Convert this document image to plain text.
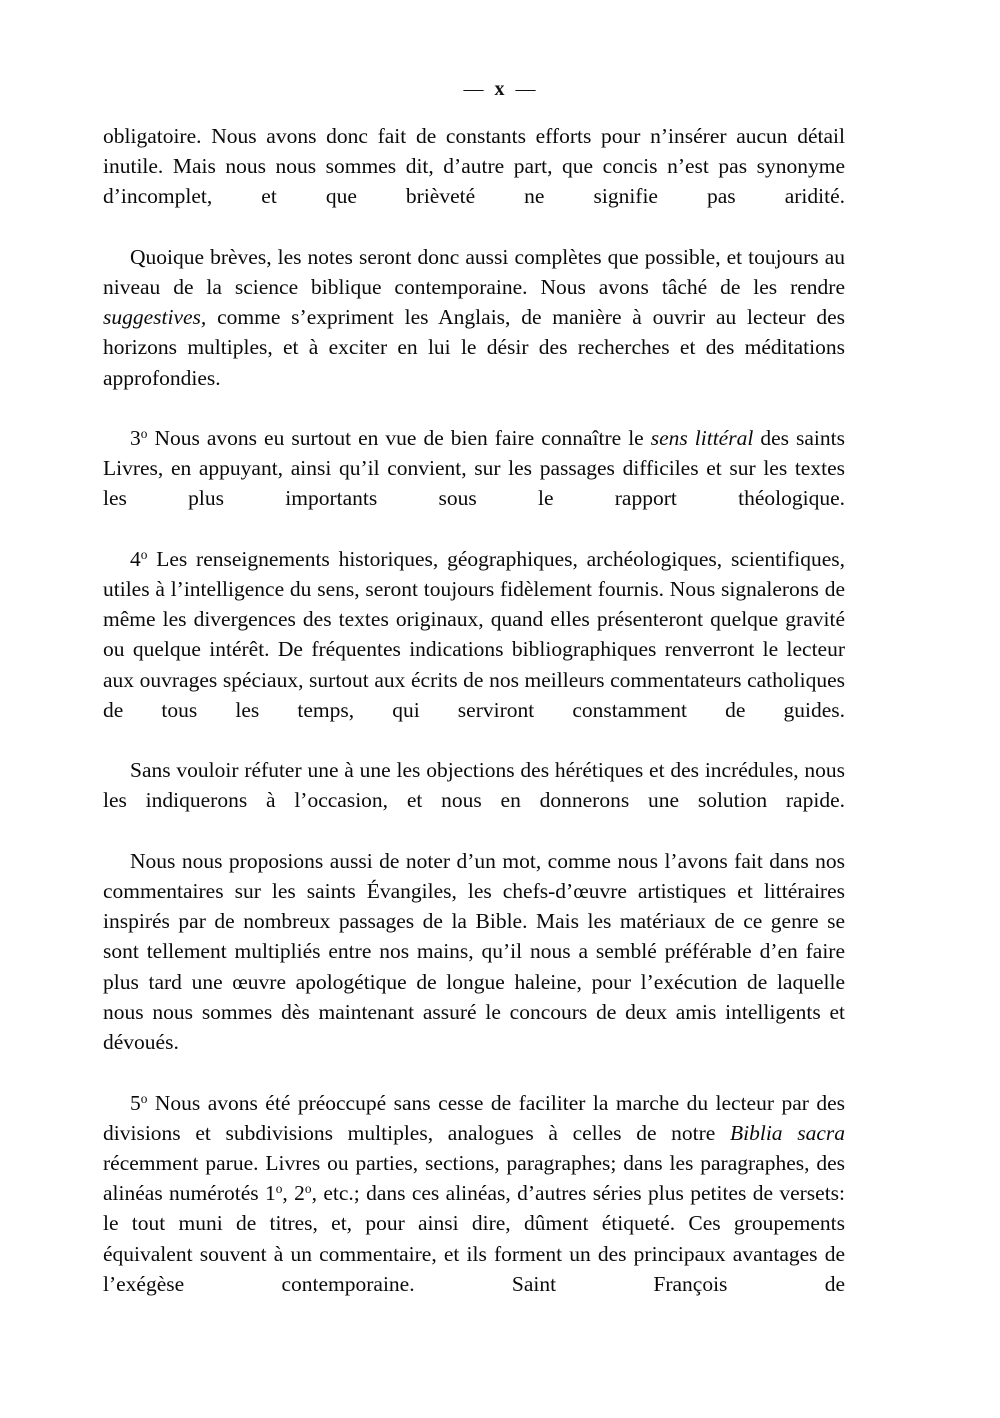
— x —

obligatoire. Nous avons donc fait de constants efforts pour n’insérer aucun détail inutile. Mais nous nous sommes dit, d’autre part, que concis n’est pas synonyme d’incomplet, et que brièveté ne signifie pas aridité.

Quoique brèves, les notes seront donc aussi complètes que possible, et toujours au niveau de la science biblique contemporaine. Nous avons tâché de les rendre suggestives, comme s’expriment les Anglais, de manière à ouvrir au lecteur des horizons multiples, et à exciter en lui le désir des recherches et des méditations approfondies.

3$^o$ Nous avons eu surtout en vue de bien faire connaître le sens littéral des saints Livres, en appuyant, ainsi qu’il convient, sur les passages difficiles et sur les textes les plus importants sous le rapport théologique.

4$^o$ Les renseignements historiques, géographiques, archéologiques, scientifiques, utiles à l’intelligence du sens, seront toujours fidèlement fournis. Nous signalerons de même les divergences des textes originaux, quand elles présenteront quelque gravité ou quelque intérêt. De fréquentes indications bibliographiques renverront le lecteur aux ouvrages spéciaux, surtout aux écrits de nos meilleurs commentateurs catholiques de tous les temps, qui serviront constamment de guides.

Sans vouloir réfuter une à une les objections des hérétiques et des incrédules, nous les indiquerons à l’occasion, et nous en donnerons une solution rapide.

Nous nous proposions aussi de noter d’un mot, comme nous l’avons fait dans nos commentaires sur les saints Évangiles, les chefs-d’œuvre artistiques et littéraires inspirés par de nombreux passages de la Bible. Mais les matériaux de ce genre se sont tellement multipliés entre nos mains, qu’il nous a semblé préférable d’en faire plus tard une œuvre apologétique de longue haleine, pour l’exécution de laquelle nous nous sommes dès maintenant assuré le concours de deux amis intelligents et dévoués.

5$^o$ Nous avons été préoccupé sans cesse de faciliter la marche du lecteur par des divisions et subdivisions multiples, analogues à celles de notre Biblia sacra récemment parue. Livres ou parties, sections, paragraphes; dans les paragraphes, des alinéas numérotés 1$^o$, 2$^o$, etc.; dans ces alinéas, d’autres séries plus petites de versets: le tout muni de titres, et, pour ainsi dire, dûment étiqueté. Ces groupements équivalent souvent à un commentaire, et ils forment un des principaux avantages de l’exégèse contemporaine. Saint François de
